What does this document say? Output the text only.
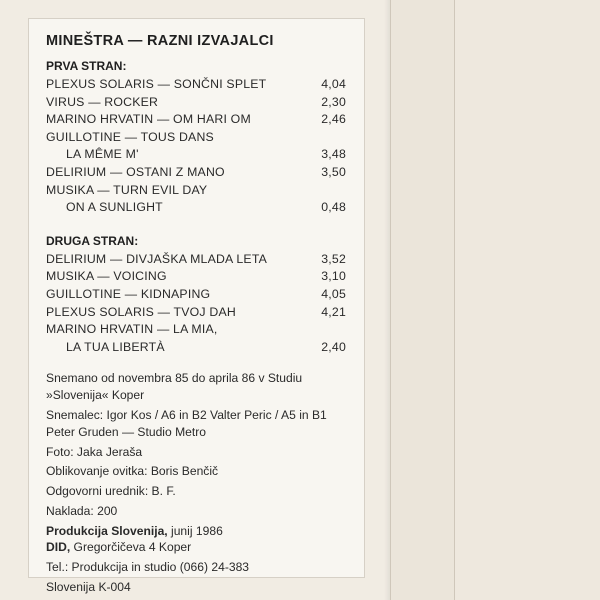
MINEŠTRA — RAZNI IZVAJALCI
PRVA STRAN:
PLEXUS SOLARIS — SONČNI SPLET	4,04
VIRUS — ROCKER	2,30
MARINO HRVATIN — OM HARI OM	2,46
GUILLOTINE — TOUS DANS
LA MÊME M'	3,48
DELIRIUM — OSTANI Z MANO	3,50
MUSIKA — TURN EVIL DAY
ON A SUNLIGHT	0,48
DRUGA STRAN:
DELIRIUM — DIVJAŠKA MLADA LETA	3,52
MUSIKA — VOICING	3,10
GUILLOTINE — KIDNAPING	4,05
PLEXUS SOLARIS — TVOJ DAH	4,21
MARINO HRVATIN — LA MIA,
LA TUA LIBERTÀ	2,40

Snemano od novembra 85 do aprila 86 v Studiu »Slovenija« Koper

Snemalec: Igor Kos / A6 in B2 Valter Peric / A5 in B1 Peter Gruden — Studio Metro

Foto: Jaka Jeraša

Oblikovanje ovitka: Boris Benčič

Odgovorni urednik: B. F.

Naklada: 200

Produkcija Slovenija, junij 1986

DID, Gregorčičeva 4 Koper

Tel.: Produkcija in studio (066) 24-383

Slovenija K-004
